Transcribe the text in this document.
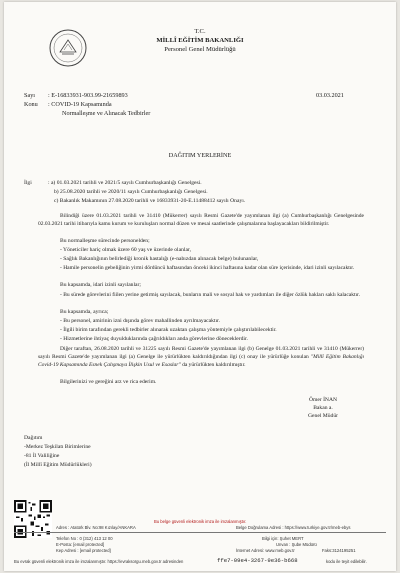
T.C.
MİLLÎ EĞİTİM BAKANLIĞI
Personel Genel Müdürlüğü
Sayı : E-16833931-903.99-21659893	03.03.2021
Konu : COVID-19 Kapsamında
Normalleşme ve Alınacak Tedbirler
DAĞITIM YERLERİNE
İlgi	: a) 01.03.2021 tarihli ve 2021/5 sayılı Cumhurbaşkanlığı Genelgesi.
b) 25.08.2020 tarihli ve 2020/11 sayılı Cumhurbaşkanlığı Genelgesi.
c) Bakanlık Makamının 27.08.2020 tarihli ve 16833931-20-E.11488412 sayılı Onayı.
Bilindiği üzere 01.03.2021 tarihli ve 31410 (Mükerrer) sayılı Resmi Gazete'de yayımlanan ilgi (a) Cumhurbaşkanlığı Genelgesinde 02.03.2021 tarihi itibarıyla kamu kurum ve kuruluşları normal düzen ve mesai saatlerinde çalışmalarına başlayacakları bildirilmiştir.
Bu normalleşme sürecinde personelden;
- Yöneticiler hariç olmak üzere 60 yaş ve üzerinde olanlar,
- Sağlık Bakanlığının belirlediği kronik hastalığı (e-nabızdan alınacak belge) bulunanlar,
- Hamile personelin gebeliğinin yirmi dördüncü haftasından önceki ikinci haftasına kadar olan süre içerisinde, idari izinli sayılacaktır.
Bu kapsamda, idari izinli sayılanlar;
- Bu sürede görevlerini fiilen yerine getirmiş sayılacak, bunların mali ve sosyal hak ve yardımları ile diğer özlük hakları saklı kalacaktır.
Bu kapsamda, ayrıca;
- Bu personel, amirinin izni dışında görev mahallinden ayrılmayacaktır.
- İlgili birim tarafından gerekli tedbirler alınarak uzaktan çalışma yöntemiyle çalıştırılabilecektir.
- Hizmetlerine ihtiyaç duyulduklarında çağrıldıkları anda görevlerine döneceklerdir.
Diğer taraftan, 26.08.2020 tarihli ve 31225 sayılı Resmi Gazete'de yayımlanan ilgi (b) Genelge 01.03.2021 tarihli ve 31410 (Mükerrer) sayılı Resmi Gazete'de yayımlanan ilgi (a) Genelge ile yürürlükten kaldırıldığından ilgi (c) onay ile yürürlüğe konulan "Millî Eğitim Bakanlığı Covid-19 Kapsamında Esnek Çalışmaya İlişkin Usul ve Esaslar" da yürürlükten kaldırılmıştır.
Bilgilerinizi ve gereğini arz ve rica ederim.
Ömer İNAN
Bakan a.
Genel Müdür
Dağıtım
-Merkez Teşkilatı Birimlerine
-81 İl Valiliğine
(İl Millî Eğitim Müdürlükleri)
Bu belge güvenli elektronik imza ile imzalanmıştır.
Adres : Atatürk Blv. No:98 Kızılay/ANKARA	Belge Doğrulama Adresi : https://www.turkiye.gov.tr/meb-ebys
Telefon No : 0 (312) 413 12 00
E-Posta: [email protected]
Kep Adresi : [email protected]
Bilgi için: Şuhet MERT
Unvan : Şube Müdürü
İnternet Adresi: www.meb.gov.tr	Faks:3124195251
Bu evrak güvenli elektronik imza ile imzalanmıştır. https://evraksorgu.meb.gov.tr adresinden	ffe7-09e4-3267-9e36-b668	kodu ile teyit edilebilir.
